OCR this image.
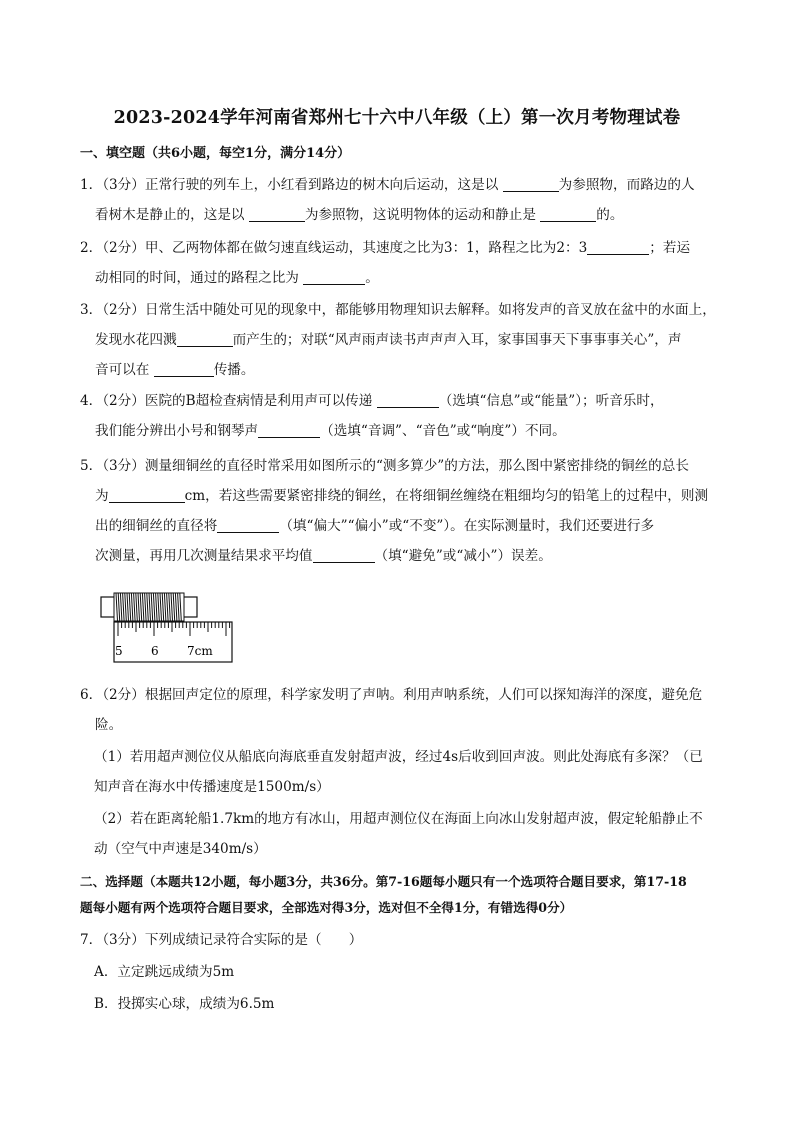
2023-2024学年河南省郑州七十六中八年级（上）第一次月考物理试卷
一、填空题（共6小题，每空1分，满分14分）
1．（3分）正常行驶的列车上，小红看到路边的树木向后运动，这是以	为参照物，而路边的人
看树木是静止的，这是以	为参照物，这说明物体的运动和静止是	的。
2．（2分）甲、乙两物体都在做匀速直线运动，其速度之比为3：1，路程之比为2：3	；若运
动相同的时间，通过的路程之比为	。
3．（2分）日常生活中随处可见的现象中，都能够用物理知识去解释。如将发声的音叉放在盆中的水面上，
发现水花四溅	而产生的；对联“风声雨声读书声声声入耳，家事国事天下事事事关心”，声
音可以在	传播。
4．（2分）医院的B超检查病情是利用声可以传递	（选填“信息”或“能量”）；听音乐时，
我们能分辨出小号和钢琴声	（选填“音调”、“音色”或“响度”）不同。
5．（3分）测量细铜丝的直径时常采用如图所示的“测多算少”的方法，那么图中紧密排绕的铜丝的总长
为	cm，若这些需要紧密排绕的铜丝，在将细铜丝缠绕在粗细均匀的铅笔上的过程中，则测
出的细铜丝的直径将	（填“偏大”“偏小”或“不变”）。在实际测量时，我们还要进行多
次测量，再用几次测量结果求平均值	（填“避免”或“减小”）误差。
5 6 7cm
6．（2分）根据回声定位的原理，科学家发明了声呐。利用声呐系统，人们可以探知海洋的深度，避免危
险。
（1）若用超声测位仪从船底向海底垂直发射超声波，经过4s后收到回声波。则此处海底有多深？（已
知声音在海水中传播速度是1500m/s）
（2）若在距离轮船1.7km的地方有冰山，用超声测位仪在海面上向冰山发射超声波，假定轮船静止不
动（空气中声速是340m/s）
二、选择题（本题共12小题，每小题3分，共36分。第7-16题每小题只有一个选项符合题目要求，第17-18
题每小题有两个选项符合题目要求，全部选对得3分，选对但不全得1分，有错选得0分）
7．（3分）下列成绩记录符合实际的是（　　）
A．立定跳远成绩为5m
B．投掷实心球，成绩为6.5m
